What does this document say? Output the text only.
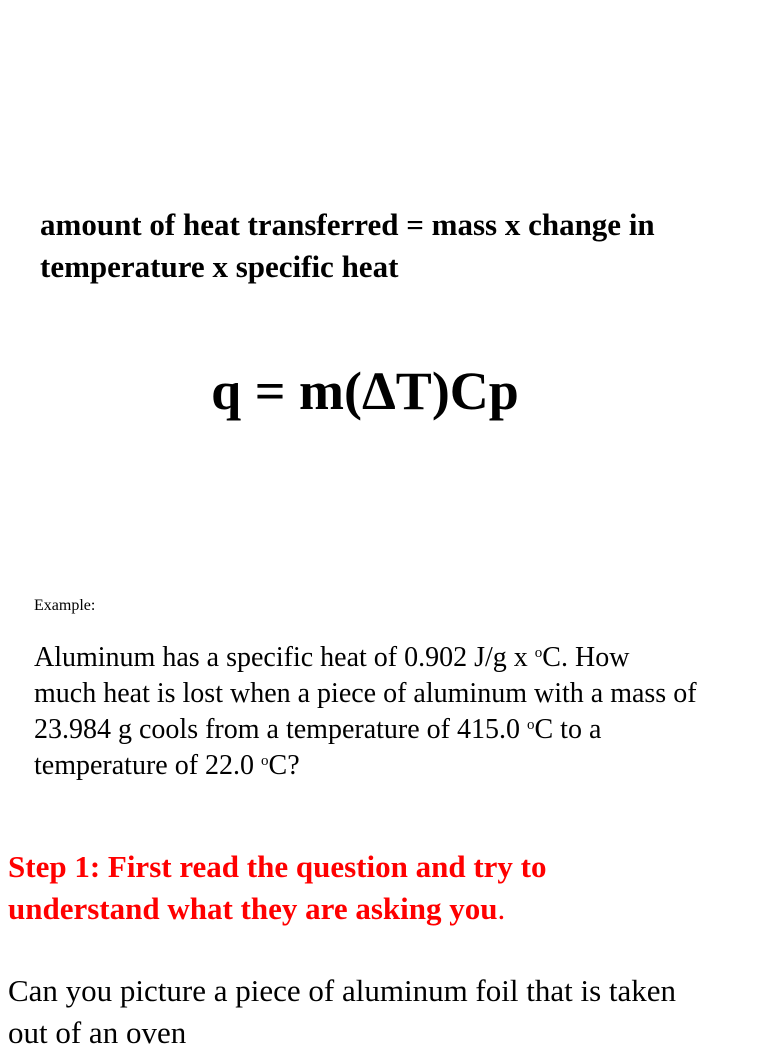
amount of heat transferred = mass x change in
temperature x specific heat
q = m(ΔT)Cp
Example:
Aluminum has a specific heat of 0.902 J/g x $^o$C. How
much heat is lost when a piece of aluminum with a mass of
23.984 g cools from a temperature of 415.0 $^o$C to a
temperature of 22.0 $^o$C?
Step 1: First read the question and try to
understand what they are asking you.
Can you picture a piece of aluminum foil that is taken
out of an oven
